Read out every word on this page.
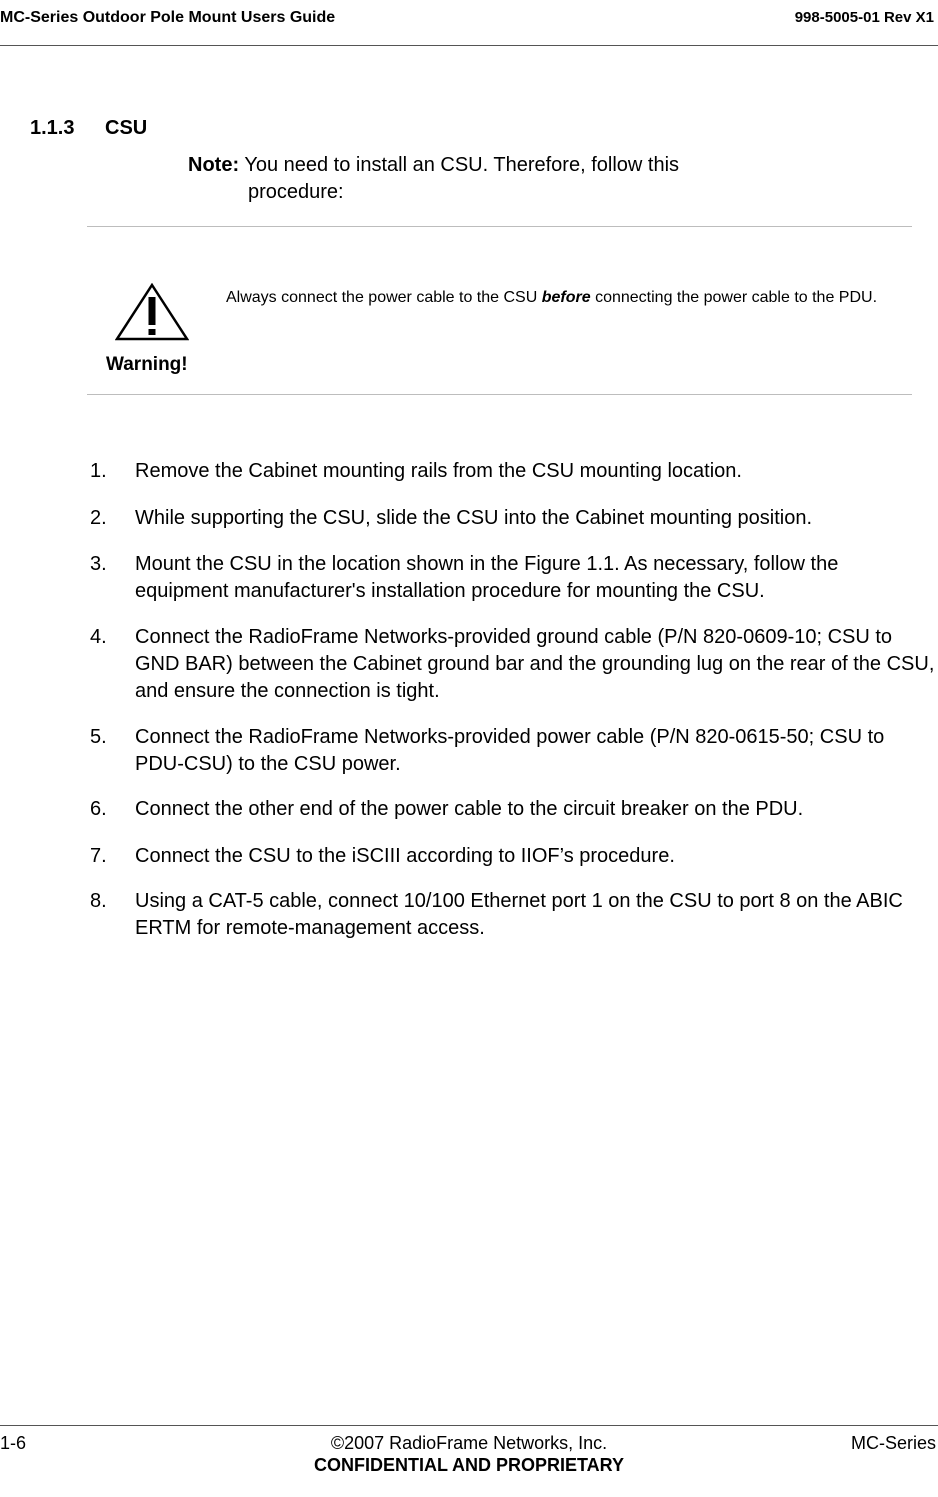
MC-Series Outdoor Pole Mount Users Guide	998-5005-01 Rev X1
1.1.3 CSU
Note: You need to install an CSU. Therefore, follow this
procedure:
Warning!
Always connect the power cable to the CSU before connecting the power cable to the PDU.
1. Remove the Cabinet mounting rails from the CSU mounting location.
2. While supporting the CSU, slide the CSU into the Cabinet mounting position.
3. Mount the CSU in the location shown in the Figure 1.1. As necessary, follow the equipment manufacturer's installation procedure for mounting the CSU.
4. Connect the RadioFrame Networks-provided ground cable (P/N 820-0609-10; CSU to GND BAR) between the Cabinet ground bar and the grounding lug on the rear of the CSU, and ensure the connection is tight.
5. Connect the RadioFrame Networks-provided power cable (P/N 820-0615-50; CSU to PDU-CSU) to the CSU power.
6. Connect the other end of the power cable to the circuit breaker on the PDU.
7. Connect the CSU to the iSCIII according to IIOF’s procedure.
8. Using a CAT-5 cable, connect 10/100 Ethernet port 1 on the CSU to port 8 on the ABIC ERTM for remote-management access.
1-6	©2007 RadioFrame Networks, Inc.	MC-Series
CONFIDENTIAL AND PROPRIETARY
